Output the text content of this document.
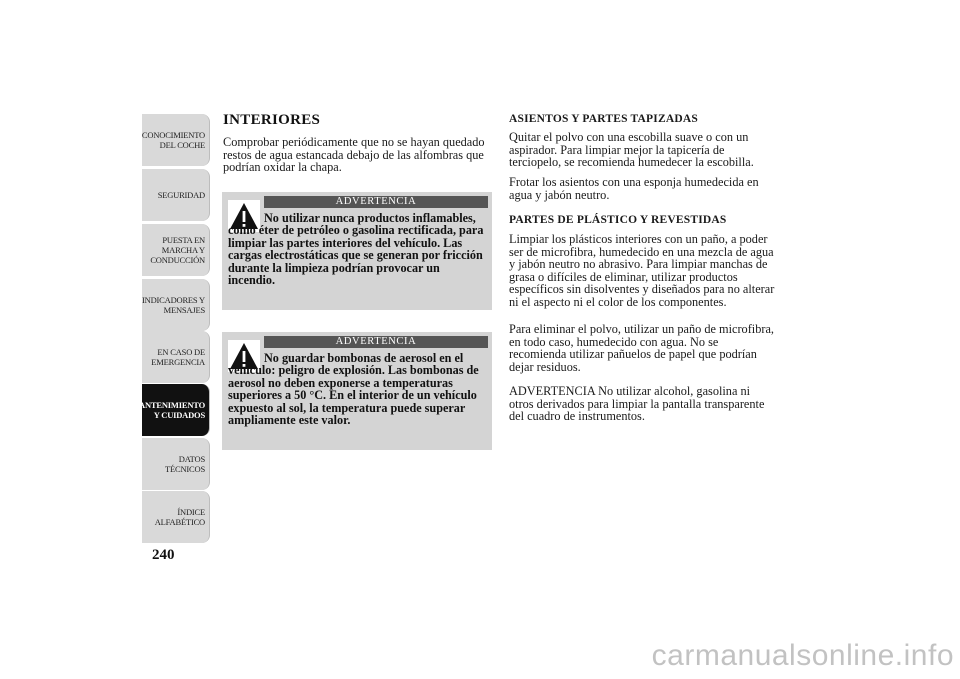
CONOCIMIENTO
DEL COCHE
SEGURIDAD
PUESTA EN
MARCHA Y
CONDUCCIÓN
INDICADORES Y
MENSAJES
EN CASO DE
EMERGENCIA
MANTENIMIENTO
Y CUIDADOS
DATOS TÉCNICOS
ÍNDICE
ALFABÉTICO
240
INTERIORES
Comprobar periódicamente que no se hayan quedado restos de agua estancada debajo de las alfombras que podrían oxidar la chapa.
ADVERTENCIA
No utilizar nunca productos inflamables, como éter de petróleo o gasolina rectificada, para limpiar las partes interiores del vehículo. Las cargas electrostáticas que se generan por fricción durante la limpieza podrían provocar un incendio.
ADVERTENCIA
No guardar bombonas de aerosol en el vehículo: peligro de explosión. Las bombonas de aerosol no deben exponerse a temperaturas superiores a 50 °C. En el interior de un vehículo expuesto al sol, la temperatura puede superar ampliamente este valor.
ASIENTOS Y PARTES TAPIZADAS
Quitar el polvo con una escobilla suave o con un aspirador. Para limpiar mejor la tapicería de terciopelo, se recomienda humedecer la escobilla.
Frotar los asientos con una esponja humedecida en agua y jabón neutro.
PARTES DE PLÁSTICO Y REVESTIDAS
Limpiar los plásticos interiores con un paño, a poder ser de microfibra, humedecido en una mezcla de agua y jabón neutro no abrasivo. Para limpiar manchas de grasa o difíciles de eliminar, utilizar productos específicos sin disolventes y diseñados para no alterar ni el aspecto ni el color de los componentes.
Para eliminar el polvo, utilizar un paño de microfibra, en todo caso, humedecido con agua. No se recomienda utilizar pañuelos de papel que podrían dejar residuos.
ADVERTENCIA No utilizar alcohol, gasolina ni otros derivados para limpiar la pantalla transparente del cuadro de instrumentos.
carmanualsonline.info
